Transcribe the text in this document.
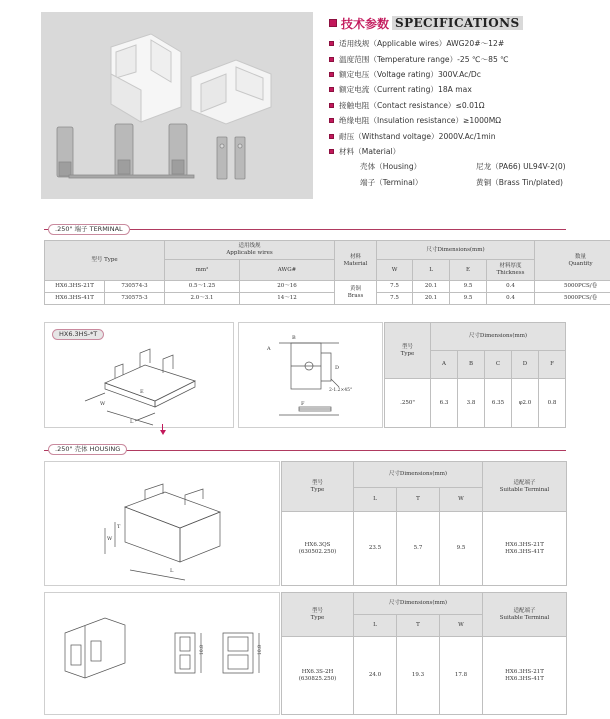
技术参数 SPECIFICATIONS
适用线规（Applicable wires） AWG20#～12#
温度范围（Temperature range） -25 ℃～85 ℃
额定电压（Voltage rating） 300V.Ac/Dc
额定电流（Current rating） 18A max
接触电阻（Contact resistance） ≤0.01Ω
绝缘电阻（Insulation resistance） ≥1000MΩ
耐压（Withstand voltage） 2000V.Ac/1min
材料（Material）
壳体（Housing）	尼龙（PA66) UL94V-2(0)
端子（Terminal）	黄铜（Brass Tin/plated)
.250" 端子 TERMINAL
型号 Type		适用线规
Applicable wires		材料
Material	尺寸Dimensions(mm)				数量
Quantity
		mm²	AWG#		W	L	E	材料厚度
Thickness	
HX6.3HS-21T	730574-3	0.5～1.25	20～16	黄铜
Brass	7.5	20.1	9.5	0.4	5000PCS/卷
HX6.3HS-41T	730575-3	2.0～3.1	14～12		7.5	20.1	9.5	0.4	5000PCS/卷
HX6.3HS-*T
W
E
L
B
A
D
2-1.2×45°
F
型号
Type	尺寸Dimensions(mm)				
	A	B	C	D	F
.250"	6.3	3.8	6.35	φ2.0	0.8
.250" 壳体 HOUSING
W
T
L
型号
Type	尺寸Dimensions(mm)			适配端子
Suitable Terminal
	L	T	W	
HX6.3QS
(630502.250)	23.5	5.7	9.5	HX6.3HS-21T
HX6.3HS-41T
10.8	10.8
型号
Type	尺寸Dimensions(mm)			适配端子
Suitable Terminal
	L	T	W	
HX6.3S-2H
(630825.250)	24.0	19.3	17.8	HX6.3HS-21T
HX6.3HS-41T
